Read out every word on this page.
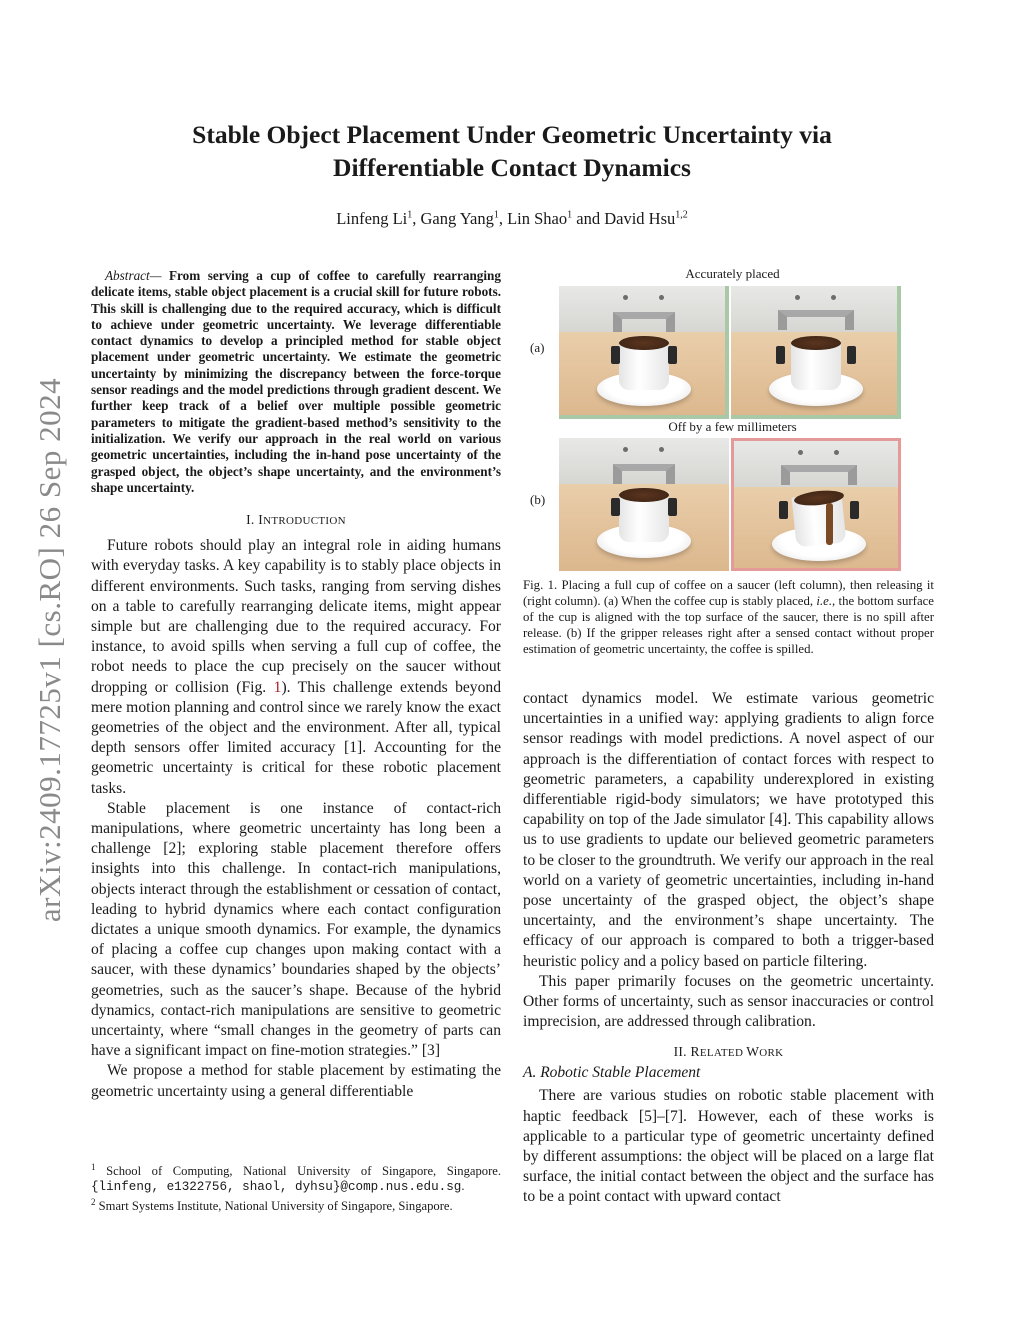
arXiv:2409.17725v1 [cs.RO] 26 Sep 2024
Stable Object Placement Under Geometric Uncertainty via
Differentiable Contact Dynamics
Linfeng Li$^1$, Gang Yang$^1$, Lin Shao$^1$ and David Hsu$^{1,2}$

Abstract— From serving a cup of coffee to carefully rearranging delicate items, stable object placement is a crucial skill for future robots. This skill is challenging due to the required accuracy, which is difficult to achieve under geometric uncertainty. We leverage differentiable contact dynamics to develop a principled method for stable object placement under geometric uncertainty. We estimate the geometric uncertainty by minimizing the discrepancy between the force-torque sensor readings and the model predictions through gradient descent. We further keep track of a belief over multiple possible geometric parameters to mitigate the gradient-based method’s sensitivity to the initialization. We verify our approach in the real world on various geometric uncertainties, including the in-hand pose uncertainty of the grasped object, the object’s shape uncertainty, and the environment’s shape uncertainty.

I. INTRODUCTION

Future robots should play an integral role in aiding humans with everyday tasks. A key capability is to stably place objects in different environments. Such tasks, ranging from serving dishes on a table to carefully rearranging delicate items, might appear simple but are challenging due to the required accuracy. For instance, to avoid spills when serving a full cup of coffee, the robot needs to place the cup precisely on the saucer without dropping or collision (Fig. 1). This challenge extends beyond mere motion planning and control since we rarely know the exact geometries of the object and the environment. After all, typical depth sensors offer limited accuracy [1]. Accounting for the geometric uncertainty is critical for these robotic placement tasks.

Stable placement is one instance of contact-rich manipulations, where geometric uncertainty has long been a challenge [2]; exploring stable placement therefore offers insights into this challenge. In contact-rich manipulations, objects interact through the establishment or cessation of contact, leading to hybrid dynamics where each contact configuration dictates a unique smooth dynamics. For example, the dynamics of placing a coffee cup changes upon making contact with a saucer, with these dynamics’ boundaries shaped by the objects’ geometries, such as the saucer’s shape. Because of the hybrid dynamics, contact-rich manipulations are sensitive to geometric uncertainty, where “small changes in the geometry of parts can have a significant impact on fine-motion strategies.” [3]

We propose a method for stable placement by estimating the geometric uncertainty using a general differentiable

$^1$ School of Computing, National University of Singapore, Singapore. {linfeng, e1322756, shaol, dyhsu}@comp.nus.edu.sg.
$^2$ Smart Systems Institute, National University of Singapore, Singapore.
Accurately placed
(a)
Off by a few millimeters
(b)
Fig. 1. Placing a full cup of coffee on a saucer (left column), then releasing it (right column). (a) When the coffee cup is stably placed, i.e., the bottom surface of the cup is aligned with the top surface of the saucer, there is no spill after release. (b) If the gripper releases right after a sensed contact without proper estimation of geometric uncertainty, the coffee is spilled.

contact dynamics model. We estimate various geometric uncertainties in a unified way: applying gradients to align force sensor readings with model predictions. A novel aspect of our approach is the differentiation of contact forces with respect to geometric parameters, a capability underexplored in existing differentiable rigid-body simulators; we have prototyped this capability on top of the Jade simulator [4]. This capability allows us to use gradients to update our believed geometric parameters to be closer to the groundtruth. We verify our approach in the real world on a variety of geometric uncertainties, including in-hand pose uncertainty of the grasped object, the object’s shape uncertainty, and the environment’s shape uncertainty. The efficacy of our approach is compared to both a trigger-based heuristic policy and a policy based on particle filtering.

This paper primarily focuses on the geometric uncertainty. Other forms of uncertainty, such as sensor inaccuracies or control imprecision, are addressed through calibration.

II. RELATED WORK
A. Robotic Stable Placement

There are various studies on robotic stable placement with haptic feedback [5]–[7]. However, each of these works is applicable to a particular type of geometric uncertainty defined by different assumptions: the object will be placed on a large flat surface, the initial contact between the object and the surface has to be a point contact with upward contact
